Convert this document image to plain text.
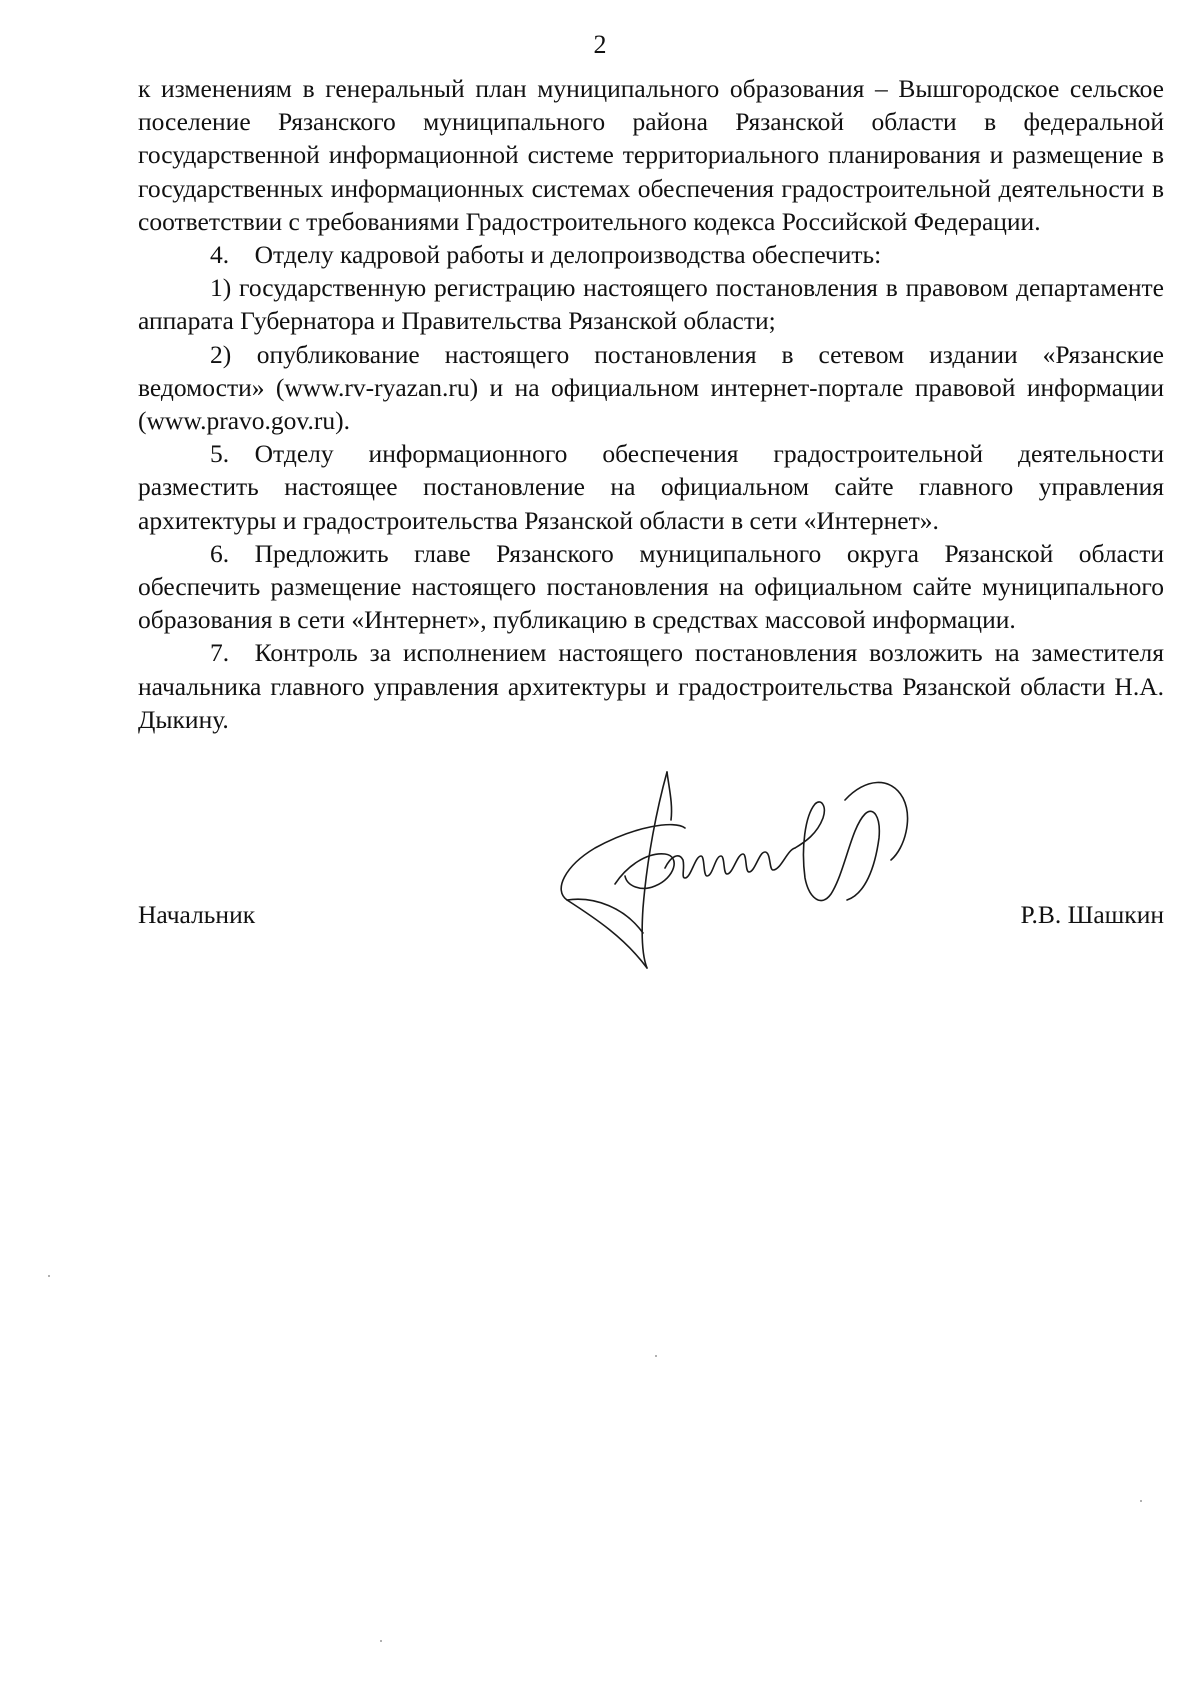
2

к изменениям в генеральный план муниципального образования – Вышгородское сельское поселение Рязанского муниципального района Рязанской области в федеральной государственной информационной системе территориального планирования и размещение в государственных информационных системах обеспечения градостроительной деятельности в соответствии с требованиями Градостроительного кодекса Российской Федерации.

4. Отделу кадровой работы и делопроизводства обеспечить:

1) государственную регистрацию настоящего постановления в правовом департаменте аппарата Губернатора и Правительства Рязанской области;

2) опубликование настоящего постановления в сетевом издании «Рязанские ведомости» (www.rv-ryazan.ru) и на официальном интернет-портале правовой информации (www.pravo.gov.ru).

5. Отделу информационного обеспечения градостроительной деятельности разместить настоящее постановление на официальном сайте главного управления архитектуры и градостроительства Рязанской области в сети «Интернет».

6. Предложить главе Рязанского муниципального округа Рязанской области обеспечить размещение настоящего постановления на официальном сайте муниципального образования в сети «Интернет», публикацию в средствах массовой информации.

7. Контроль за исполнением настоящего постановления возложить на заместителя начальника главного управления архитектуры и градостроительства Рязанской области Н.А. Дыкину.

Начальник	Р.В. Шашкин
